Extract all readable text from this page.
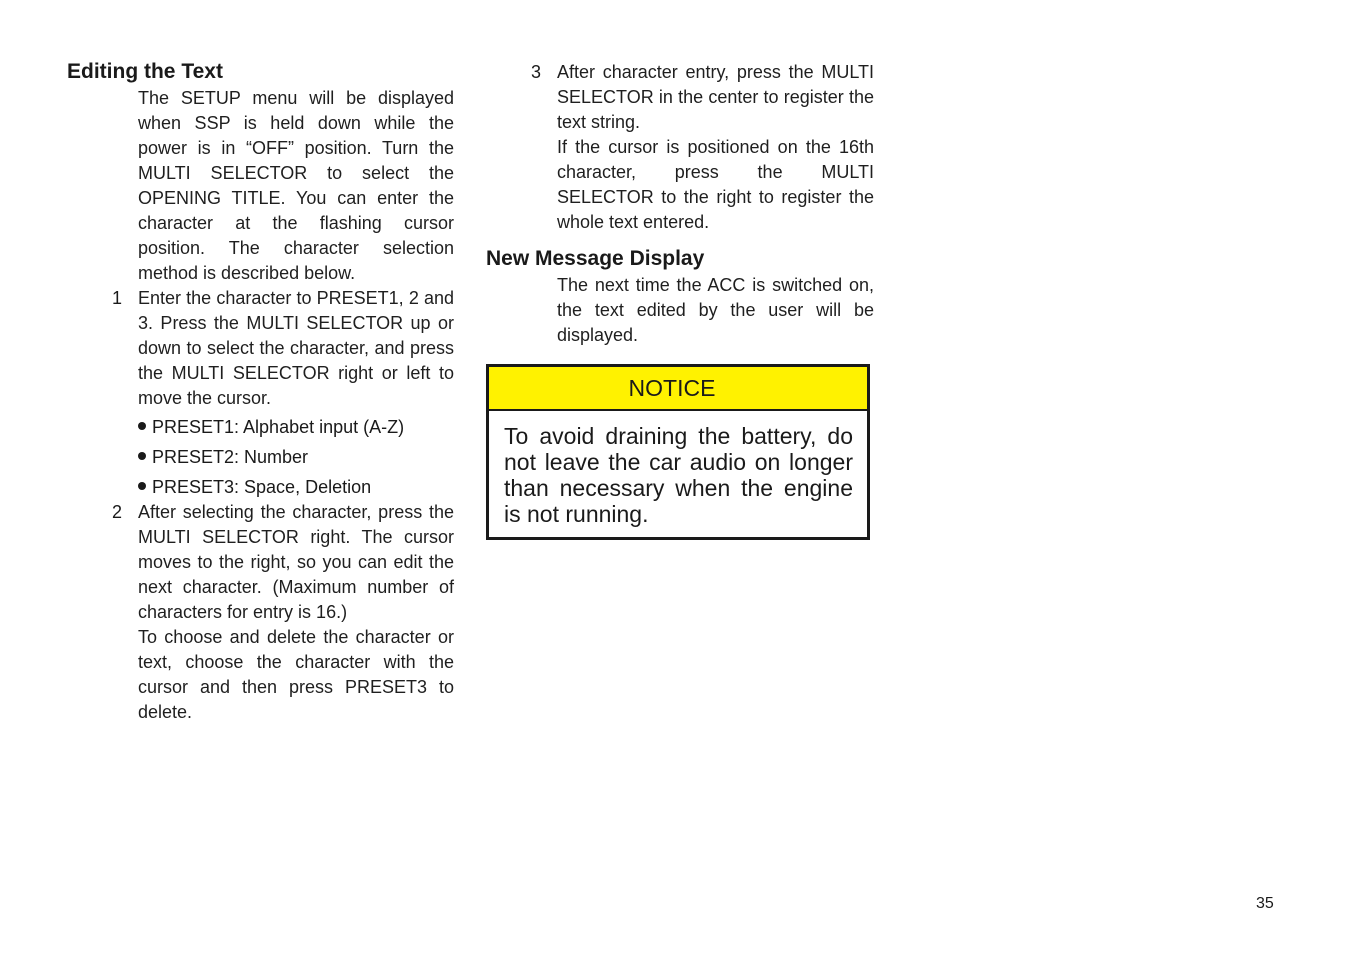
Editing the Text

The SETUP menu will be displayed when SSP is held down while the power is in “OFF” position. Turn the MULTI SELECTOR to select the OPENING TITLE. You can enter the character at the flashing cursor position. The character selection method is described below.

1 Enter the character to PRESET1, 2 and 3. Press the MULTI SELECTOR up or down to select the character, and press the MULTI SELECTOR right or left to move the cursor.

PRESET1: Alphabet input (A-Z)
PRESET2: Number
PRESET3: Space, Deletion
2 After selecting the character, press the MULTI SELECTOR right. The cursor moves to the right, so you can edit the next character. (Maximum number of characters for entry is 16.)

To choose and delete the character or text, choose the character with the cursor and then press PRESET3 to delete.

3 After character entry, press the MULTI SELECTOR in the center to register the text string.

If the cursor is positioned on the 16th character, press the MULTI SELECTOR to the right to register the whole text entered.

New Message Display

The next time the ACC is switched on, the text edited by the user will be displayed.

NOTICE
To avoid draining the battery, do not leave the car audio on longer than necessary when the engine is not running.
35
